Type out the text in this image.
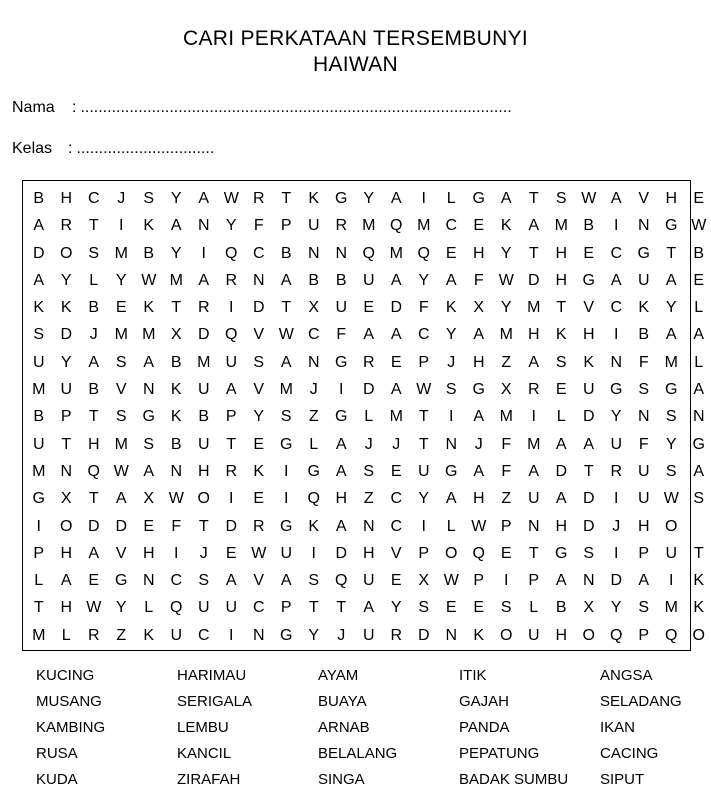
CARI PERKATAAN TERSEMBUNYI
HAIWAN
Nama : .................................................................................................
Kelas : ...............................
B	H C	J	S	Y	A W R	T	K G Y	A	I	L	G A	T	S W A	V	H	E
A	R	T	I	K	A	N	Y	F	P	U R M Q M C	E	K	A M B	I	N G W
D O S M B	Y	I	Q C	B	N N Q M Q E	H	Y	T	H	E	C G	T	B
A	Y	L	Y W M A	R N	A	B	B	U	A	Y	A	F W D H G A	U	A	E
K	K	B	E	K	T	R	I	D	T	X	U	E	D	F	K	X	Y M T	V	C	K	Y	L
S	D	J	M M X	D Q V W C	F	A	A	C	Y	A M H	K	H	I	B	A	A
U	Y	A	S	A	B M U	S	A	N G R	E	P	J	H	Z	A	S	K	N	F M	L
M U	B	V	N	K	U	A	V M	J	I	D	A W S G X	R	E	U G S G A
B	P	T	S G K	B	P	Y	S	Z	G	L	M T	I	A M	I	L	D	Y	N	S	N
U	T	H M S	B	U	T	E G	L	A	J	J	T	N	J	F M A	A	U	F	Y G
M N Q W A	N H R	K	I	G A	S	E	U G A	F	A	D	T	R U	S	A
G X	T	A	X W O	I	E	I	Q H	Z	C	Y	A	H	Z	U	A	D	I	U W S
I	O D D	E	F	T	D R G K	A	N C	I	L W P	N H D	J	H O
P	H	A	V	H	I	J	E W U	I	D H	V	P O Q E	T	G S	I	P	U	T
L	A	E G N C	S	A	V	A	S Q U	E	X W P	I	P	A	N D	A	I	K
T	H W Y	L	Q U U C	P	T	T	A	Y	S	E	E	S	L	B	X	Y	S M K
M	L	R	Z	K	U C	I	N G Y	J	U R D N	K O U H O Q P Q O
KUCING	HARIMAU	AYAM	ITIK	ANGSA
MUSANG	SERIGALA	BUAYA	GAJAH	SELADANG
KAMBING	LEMBU	ARNAB	PANDA	IKAN
RUSA	KANCIL	BELALANG	PEPATUNG	CACING
KUDA	ZIRAFAH	SINGA	BADAK SUMBU	SIPUT
